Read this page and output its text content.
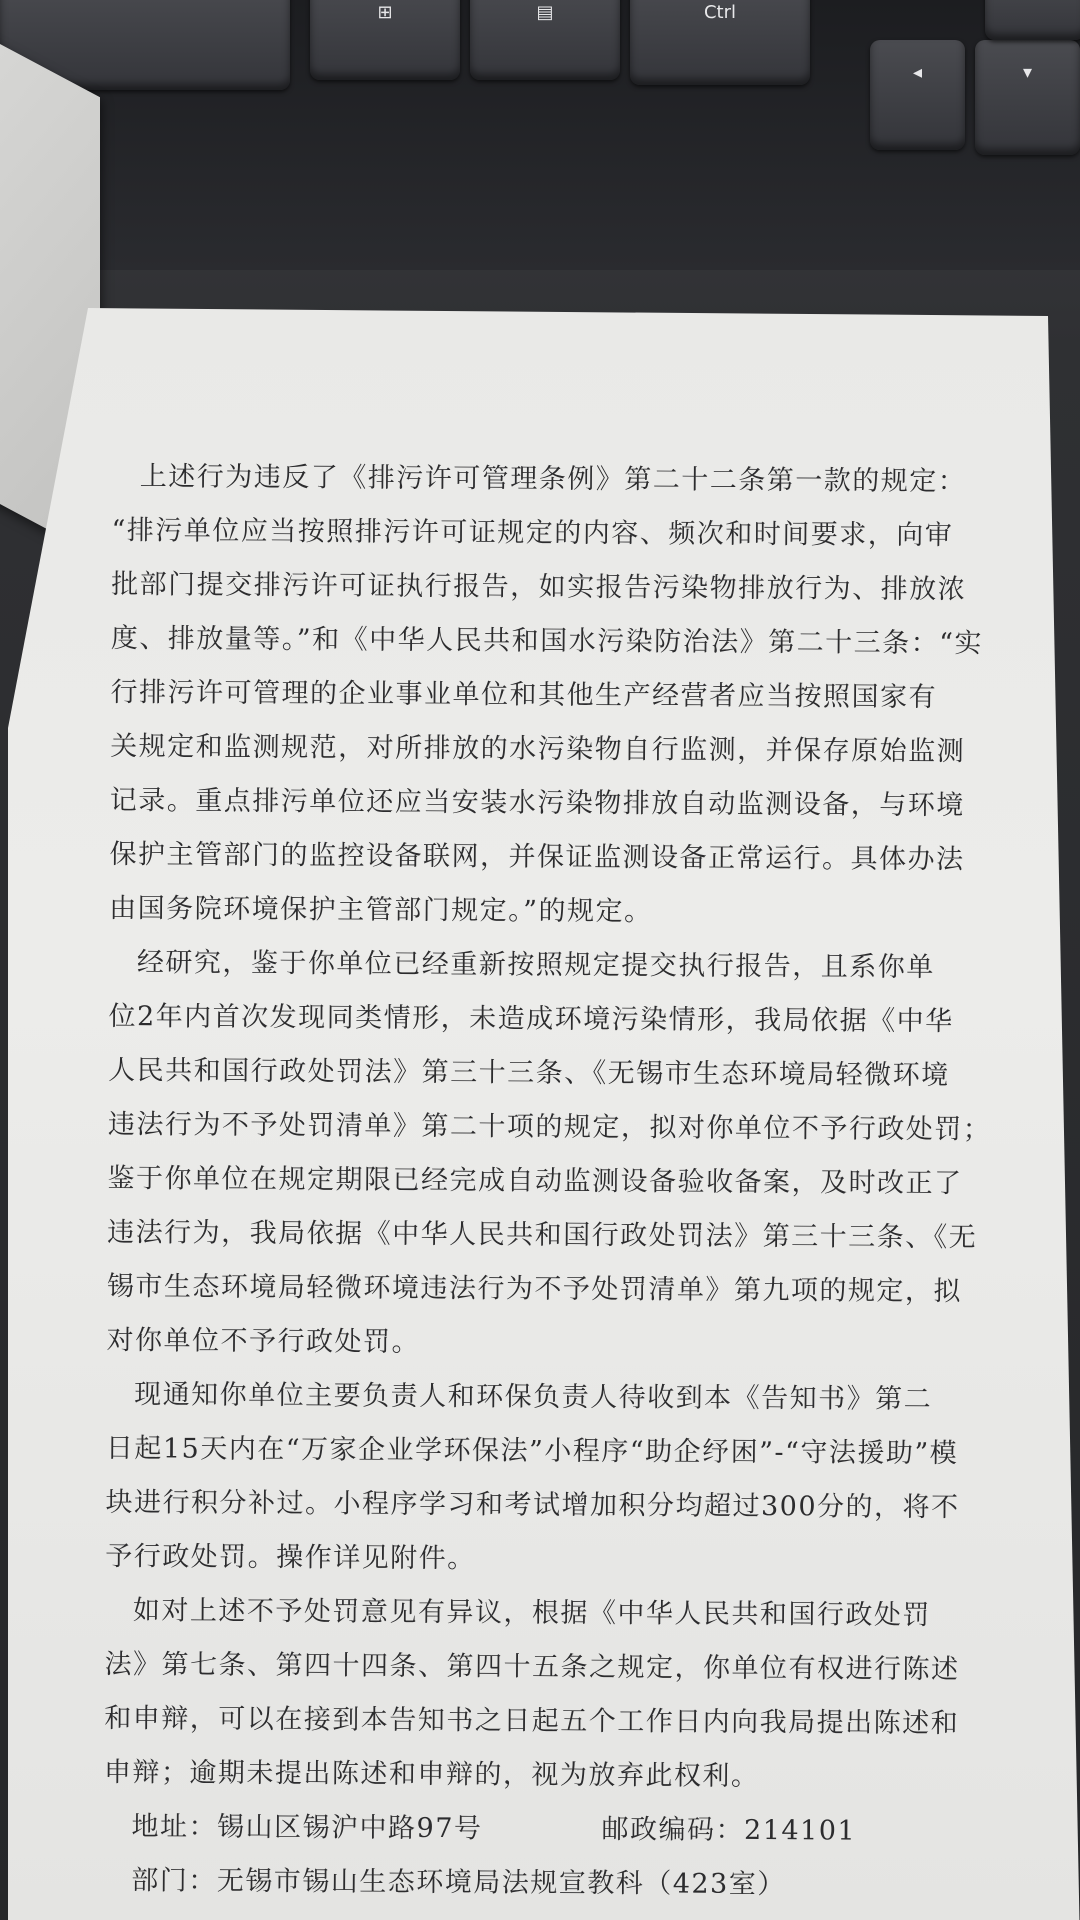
⊞	▤	Ctrl
◂	▾
上述行为违反了《排污许可管理条例》第二十二条第一款的规定：
“排污单位应当按照排污许可证规定的内容、频次和时间要求，向审
批部门提交排污许可证执行报告，如实报告污染物排放行为、排放浓
度、排放量等。”和《中华人民共和国水污染防治法》第二十三条：“实
行排污许可管理的企业事业单位和其他生产经营者应当按照国家有
关规定和监测规范，对所排放的水污染物自行监测，并保存原始监测
记录。重点排污单位还应当安装水污染物排放自动监测设备，与环境
保护主管部门的监控设备联网，并保证监测设备正常运行。具体办法
由国务院环境保护主管部门规定。”的规定。
经研究，鉴于你单位已经重新按照规定提交执行报告，且系你单
位2年内首次发现同类情形，未造成环境污染情形，我局依据《中华
人民共和国行政处罚法》第三十三条、《无锡市生态环境局轻微环境
违法行为不予处罚清单》第二十项的规定，拟对你单位不予行政处罚；
鉴于你单位在规定期限已经完成自动监测设备验收备案，及时改正了
违法行为，我局依据《中华人民共和国行政处罚法》第三十三条、《无
锡市生态环境局轻微环境违法行为不予处罚清单》第九项的规定，拟
对你单位不予行政处罚。
现通知你单位主要负责人和环保负责人待收到本《告知书》第二
日起15天内在“万家企业学环保法”小程序“助企纾困”-“守法援助”模
块进行积分补过。小程序学习和考试增加积分均超过300分的，将不
予行政处罚。操作详见附件。
如对上述不予处罚意见有异议，根据《中华人民共和国行政处罚
法》第七条、第四十四条、第四十五条之规定，你单位有权进行陈述
和申辩，可以在接到本告知书之日起五个工作日内向我局提出陈述和
申辩；逾期未提出陈述和申辩的，视为放弃此权利。
地址：锡山区锡沪中路97号	邮政编码：214101
部门：无锡市锡山生态环境局法规宣教科（423室）
